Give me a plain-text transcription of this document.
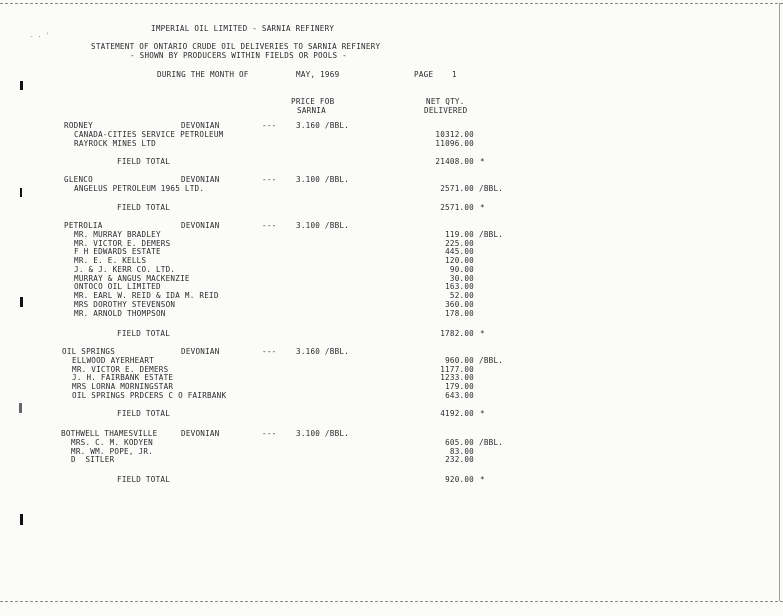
. . '
IMPERIAL OIL LIMITED - SARNIA REFINERY
STATEMENT OF ONTARIO CRUDE OIL DELIVERIES TO SARNIA REFINERY
- SHOWN BY PRODUCERS WITHIN FIELDS OR POOLS -
DURING THE MONTH OF	MAY, 1969	PAGE 1
PRICE FOB
SARNIA
NET QTY.
DELIVERED
RODNEY	DEVONIAN	---	3.160 /BBL.
CANADA-CITIES SERVICE PETROLEUM	10312.00
RAYROCK MINES LTD	11096.00
FIELD TOTAL	21408.00 *
GLENCO	DEVONIAN	---	3.100 /BBL.
ANGELUS PETROLEUM 1965 LTD.	2571.00 /BBL.
FIELD TOTAL	2571.00 *
PETROLIA	DEVONIAN	---	3.100 /BBL.
MR. MURRAY BRADLEY	119.00 /BBL.
MR. VICTOR E. DEMERS	225.00
F H EDWARDS ESTATE	445.00
MR. E. E. KELLS	120.00
J. & J. KERR CO. LTD.	90.00
MURRAY & ANGUS MACKENZIE	30.00
ONTOCO OIL LIMITED	163.00
MR. EARL W. REID & IDA M. REID	52.00
MRS DOROTHY STEVENSON	360.00
MR. ARNOLD THOMPSON	178.00
FIELD TOTAL	1782.00 *
OIL SPRINGS	DEVONIAN	---	3.160 /BBL.
ELLWOOD AYERHEART	960.00 /BBL.
MR. VICTOR E. DEMERS	1177.00
J. H. FAIRBANK ESTATE	1233.00
MRS LORNA MORNINGSTAR	179.00
OIL SPRINGS PRDCERS C O FAIRBANK	643.00
FIELD TOTAL	4192.00 *
BOTHWELL THAMESVILLE	DEVONIAN	---	3.100 /BBL.
MRS. C. M. KODYEN	605.00 /BBL.
MR. WM. POPE, JR.	83.00
D  SITLER	232.00
FIELD TOTAL	920.00 *
